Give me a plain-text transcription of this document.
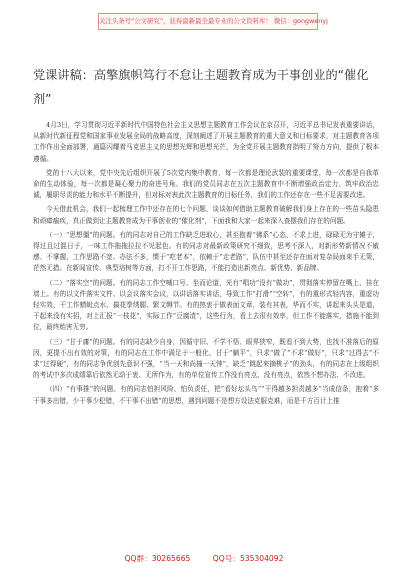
关注头条号“公文研究”，获得最新最全最专业的公文资料库！ 微信：gongwenyj
党课讲稿：高擎旗帜笃行不怠让主题教育成为干事创业的“催化剂”

4月3日，学习贯彻习近平新时代中国特色社会主义思想主题教育工作会议在京召开，习近平总书记发表重要讲话，从新时代新征程党和国家事业发展全局的战略高度，深刻阐述了开展主题教育的重大意义和目标要求，对主题教育各项工作作出全面部署，通篇闪耀着马克思主义的思想光辉和思想光芒，为全党开展主题教育指明了努力方向，提供了根本遵循。

党的十八大以来，党中央先后组织开展了5次党内集中教育，每一次都是理论武装的重要课堂，每一次都是自我革命的生动体验，每一次都是凝心聚力的奋进号角。我们的党员同志在五次主题教育中不断增强政治定力、筑牢政治忠诚，履职尽责的能力和水平不断提升，但对标对表此次主题教育的目标任务，我们的工作还存在一些不足需要改进。

今天借此机会，我们一起梳理工作中还存在的七个问题，谈谈如何借助主题教育破解我们身上存在的一些苗头隐患和顽瘴痼疾，真正做到让主题教育成为干事创业的“催化剂”，下面我和大家一起来深入查摆我们存在的问题。

（一）“思想僵”的问题。有的同志对自己的工作缺乏进取心，甚至抱着“佛系”心态，不求上进，碌碌无为守摊子，得过且过混日子，一味工作拖拖拉拉不见起色。有的同志对最新政策研究不细致，思考不深入，对新形势新情况不敏感、不掌握，工作思路不宽、办法不多，惯于“吃老本”，依赖于“走老路”，队伍中甚至还存在面对复杂局面束手无策，茫然无措。在新闻宣传、典型培树等方面，打不开工作思路，不能打造出新亮点、新优势、新品牌。

（二）“落实空”的问题。有的同志工作空喊口号、坐而论道，光有“唱功”没有“做功”，贯彻落实停留在嘴上、挂在墙上。有的以文件落实文件、以会议落实会议，以讲话落实讲话，导致工作“打滑”“空转”，有的重形式轻内容，重虚功轻实效，干工作蜻蜓点水、搞花拳绣腿、繁文缛节。有的热衷于做表面文章，装有其表，华而不实，讲起来头头是道，干起来没有实招，对上汇报“一枝花”，实际工作“豆腐渣”，这些行为，看上去很有效率，但工作不能落实，措施不能到位，最终贻害无穷。

（三）“甘于庸”的问题。有的同志缺少自身，因循守旧、不学不悟、眼界狭窄，既看不到大势，也找不准落后的原因，更提不出有效的对策，有的同志在工作中满足于一般化、甘于“躺平”，只求“做了”不求“做好”，只求“过得去”不求“过得硬”，有的同志争优创先意识不强，“当一天和尚撞一天钟”，缺乏“跳起来摘桃子”的劲头，有的同志在上级组织的考试中多次成绩靠后依然无动于衷、无所作为，有的单位宣传工作没有亮点、没有亮点，依然不想办法、不改进。

（四）“有事推”的问题。有的同志怕担风险、怕负责任，把“看好坛头鸟”“干得越多担责越多”当成信条，抱着“多干事多出错，少干事少犯错，不干事不出错”的思想，遇到问题不是想方设法克服克难，而是千方百计上推

QQ群：30265665	QQ号：535304092
